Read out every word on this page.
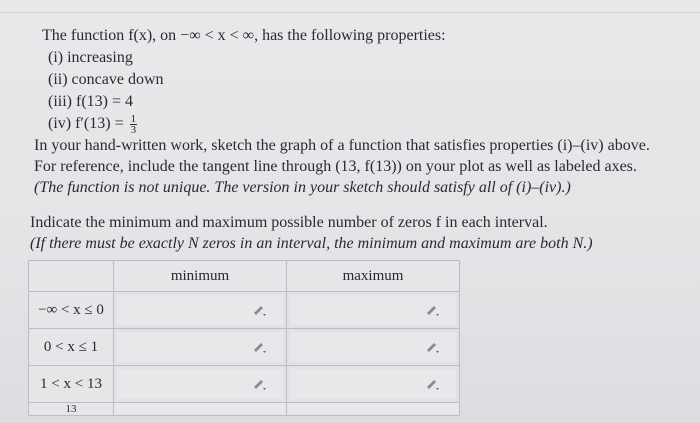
The function f(x), on −∞ < x < ∞, has the following properties:
(i) increasing
(ii) concave down
(iii) f(13) = 4
(iv) $f'(13) = \frac{1}{3}$
In your hand-written work, sketch the graph of a function that satisfies properties (i)–(iv) above.
For reference, include the tangent line through (13, f(13)) on your plot as well as labeled axes.
(The function is not unique. The version in your sketch should satisfy all of (i)–(iv).)
Indicate the minimum and maximum possible number of zeros f in each interval.
(If there must be exactly N zeros in an interval, the minimum and maximum are both N.)
	minimum	maximum
−∞ < x ≤ 0	

0 < x ≤ 1	

1 < x < 13	

13		
